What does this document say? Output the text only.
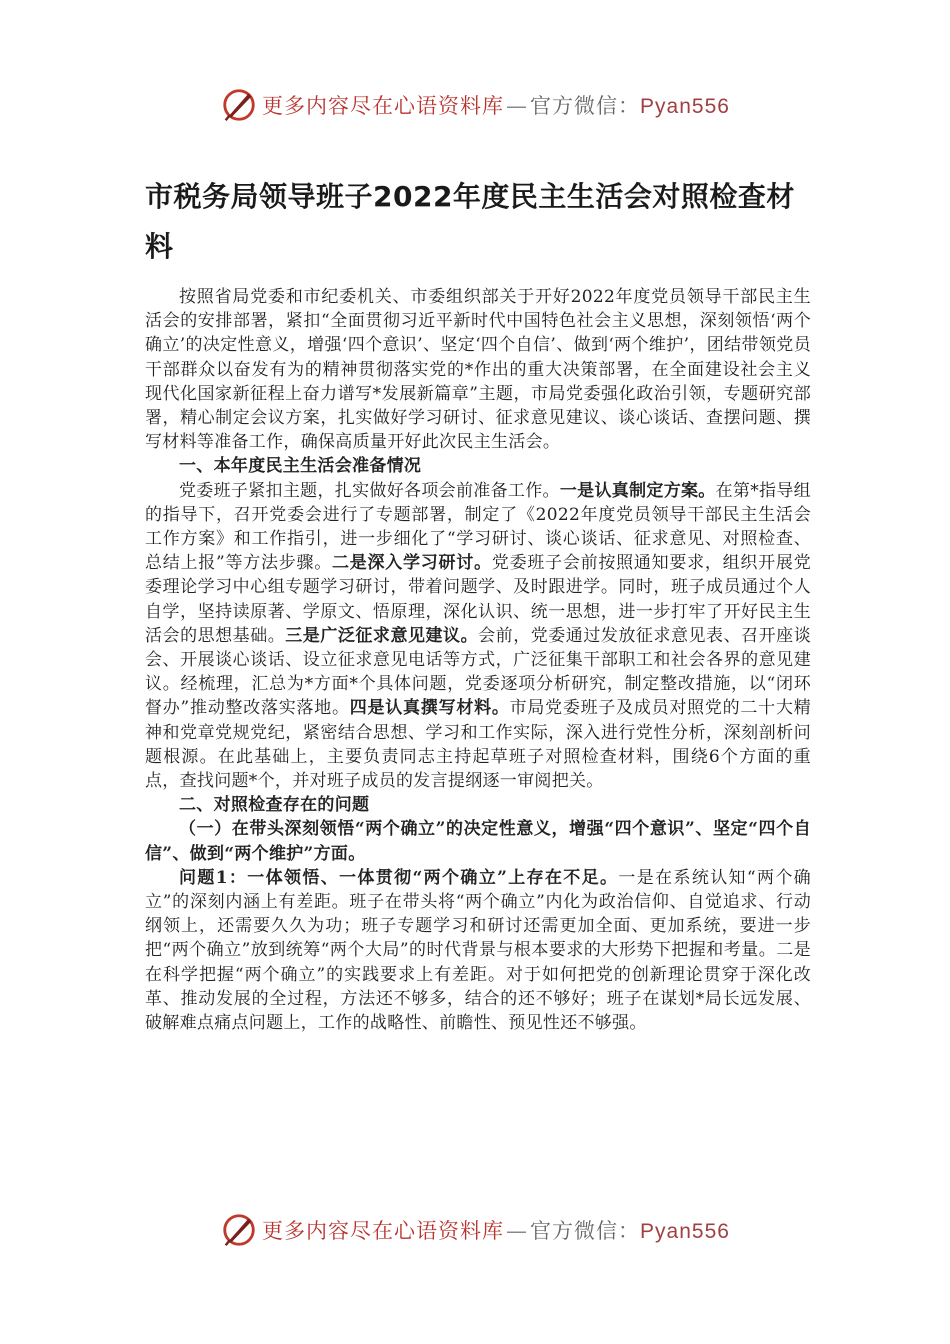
更多内容尽在心语资料库—官方微信：Pyan556
市税务局领导班子2022年度民主生活会对照检查材料

按照省局党委和市纪委机关、市委组织部关于开好2022年度党员领导干部民主生活会的安排部署，紧扣“全面贯彻习近平新时代中国特色社会主义思想，深刻领悟‘两个确立’的决定性意义，增强‘四个意识’、坚定‘四个自信’、做到‘两个维护’，团结带领党员干部群众以奋发有为的精神贯彻落实党的*作出的重大决策部署，在全面建设社会主义现代化国家新征程上奋力谱写*发展新篇章”主题，市局党委强化政治引领，专题研究部署，精心制定会议方案，扎实做好学习研讨、征求意见建议、谈心谈话、查摆问题、撰写材料等准备工作，确保高质量开好此次民主生活会。

一、本年度民主生活会准备情况

党委班子紧扣主题，扎实做好各项会前准备工作。一是认真制定方案。在第*指导组的指导下，召开党委会进行了专题部署，制定了《2022年度党员领导干部民主生活会工作方案》和工作指引，进一步细化了“学习研讨、谈心谈话、征求意见、对照检查、总结上报”等方法步骤。二是深入学习研讨。党委班子会前按照通知要求，组织开展党委理论学习中心组专题学习研讨，带着问题学、及时跟进学。同时，班子成员通过个人自学，坚持读原著、学原文、悟原理，深化认识、统一思想，进一步打牢了开好民主生活会的思想基础。三是广泛征求意见建议。会前，党委通过发放征求意见表、召开座谈会、开展谈心谈话、设立征求意见电话等方式，广泛征集干部职工和社会各界的意见建议。经梳理，汇总为*方面*个具体问题，党委逐项分析研究，制定整改措施，以“闭环督办”推动整改落实落地。四是认真撰写材料。市局党委班子及成员对照党的二十大精神和党章党规党纪，紧密结合思想、学习和工作实际，深入进行党性分析，深刻剖析问题根源。在此基础上，主要负责同志主持起草班子对照检查材料，围绕6个方面的重点，查找问题*个，并对班子成员的发言提纲逐一审阅把关。

二、对照检查存在的问题

（一）在带头深刻领悟“两个确立”的决定性意义，增强“四个意识”、坚定“四个自信”、做到“两个维护”方面。

问题1：一体领悟、一体贯彻“两个确立”上存在不足。一是在系统认知“两个确立”的深刻内涵上有差距。班子在带头将“两个确立”内化为政治信仰、自觉追求、行动纲领上，还需要久久为功；班子专题学习和研讨还需更加全面、更加系统，要进一步把“两个确立”放到统筹“两个大局”的时代背景与根本要求的大形势下把握和考量。二是在科学把握“两个确立”的实践要求上有差距。对于如何把党的创新理论贯穿于深化改革、推动发展的全过程，方法还不够多，结合的还不够好；班子在谋划*局长远发展、破解难点痛点问题上，工作的战略性、前瞻性、预见性还不够强。

更多内容尽在心语资料库—官方微信：Pyan556
